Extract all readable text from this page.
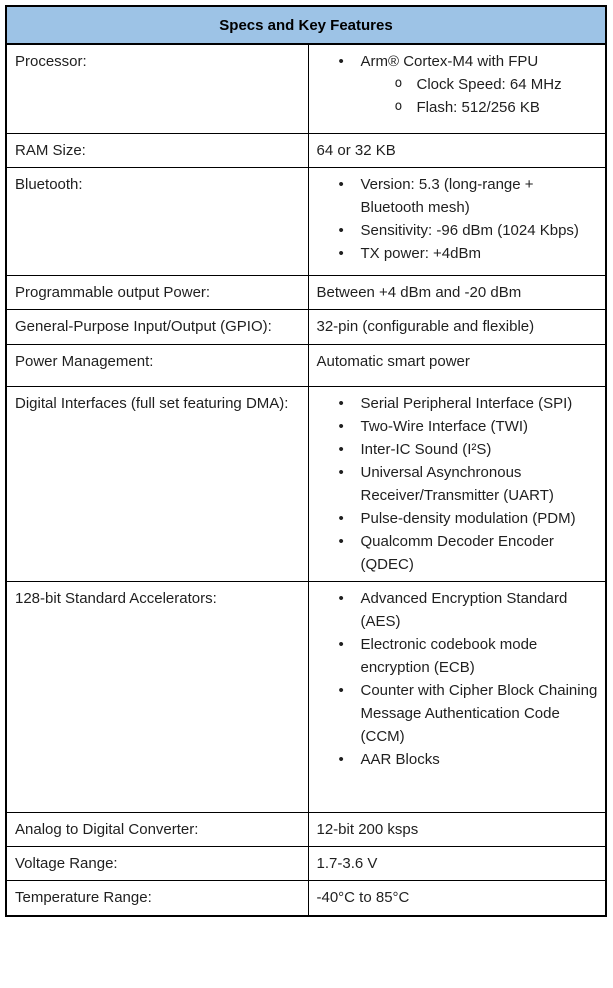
Specs and Key Features	
Processor:	
•Arm® Cortex-M4 with FPU
o Clock Speed: 64 MHz
o Flash: 512/256 KB

RAM Size:	64 or 32 KB
Bluetooth:	
•Version: 5.3 (long-range + Bluetooth mesh)
• Sensitivity: -96 dBm (1024 Kbps)
• TX power: +4dBm

Programmable output Power:	Between +4 dBm and -20 dBm
General-Purpose Input/Output (GPIO):	32-pin (configurable and flexible)
Power Management:	Automatic smart power
Digital Interfaces (full set featuring DMA):	
•Serial Peripheral Interface (SPI)
• Two-Wire Interface (TWI)
• Inter-IC Sound (I²S)
• Universal Asynchronous Receiver/Transmitter (UART)
• Pulse-density modulation (PDM)
• Qualcomm Decoder Encoder (QDEC)

128-bit Standard Accelerators:	
•Advanced Encryption Standard (AES)
• Electronic codebook mode encryption (ECB)
• Counter with Cipher Block Chaining Message Authentication Code (CCM)
• AAR Blocks

Analog to Digital Converter:	12-bit 200 ksps
Voltage Range:	1.7-3.6 V
Temperature Range:	-40°C to 85°C
